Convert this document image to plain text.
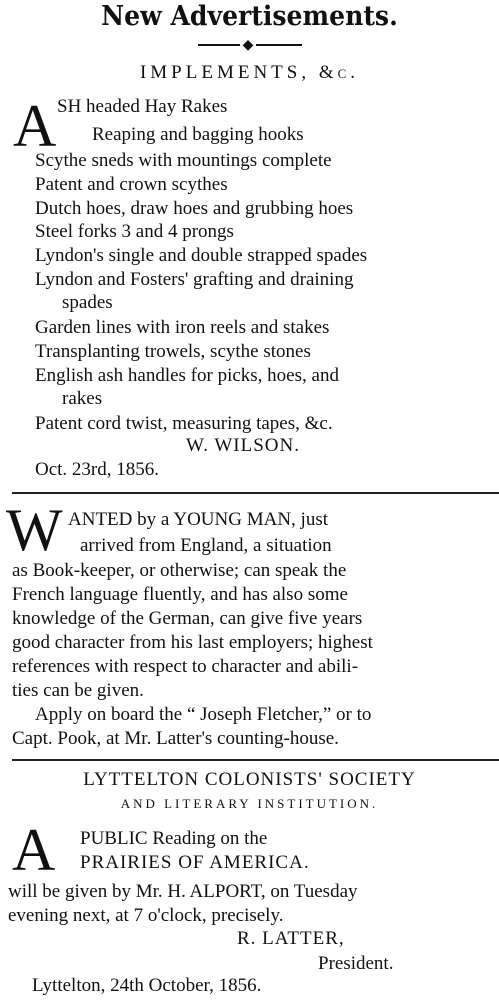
New Advertisements.
◆
IMPLEMENTS, &c.
A SH headed Hay Rakes
Reaping and bagging hooks
Scythe sneds with mountings complete
Patent and crown scythes
Dutch hoes, draw hoes and grubbing hoes
Steel forks 3 and 4 prongs
Lyndon's single and double strapped spades
Lyndon and Fosters' grafting and draining
spades
Garden lines with iron reels and stakes
Transplanting trowels, scythe stones
English ash handles for picks, hoes, and
rakes
Patent cord twist, measuring tapes, &c.
W. WILSON.
Oct. 23rd, 1856.
W ANTED by a YOUNG MAN, just
arrived from England, a situation
as Book-keeper, or otherwise; can speak the
French language fluently, and has also some
knowledge of the German, can give five years
good character from his last employers; highest
references with respect to character and abili-
ties can be given.
Apply on board the “ Joseph Fletcher,” or to
Capt. Pook, at Mr. Latter's counting-house.
LYTTELTON COLONISTS' SOCIETY
AND LITERARY INSTITUTION.
A PUBLIC Reading on the
PRAIRIES OF AMERICA.
will be given by Mr. H. ALPORT, on Tuesday
evening next, at 7 o'clock, precisely.
R. LATTER,
President.
Lyttelton, 24th October, 1856.
